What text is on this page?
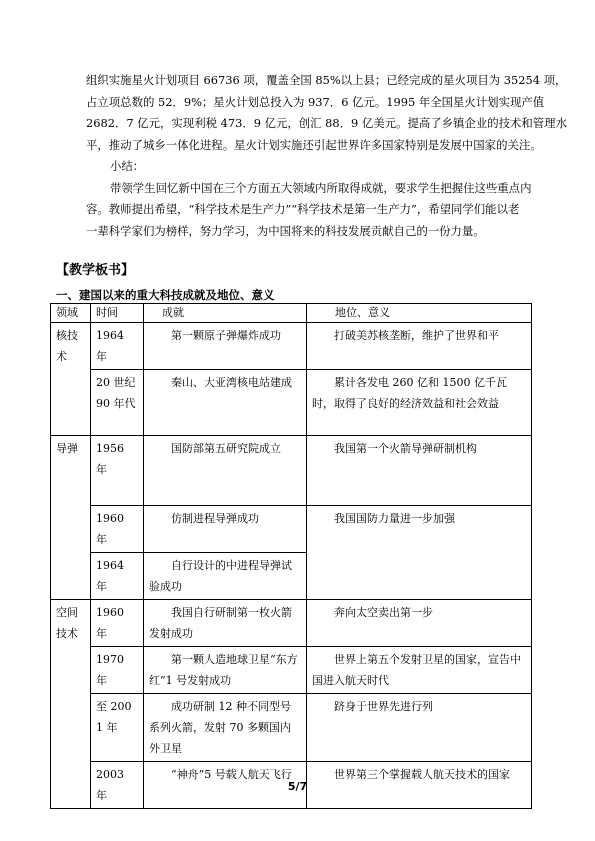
组织实施星火计划项目 66736 项，覆盖全国 85%以上县；已经完成的星火项目为 35254 项，
占立项总数的 52．9%；星火计划总投入为 937．6 亿元。1995 年全国星火计划实现产值
2682．7 亿元，实现利税 473．9 亿元，创汇 88．9 亿美元。提高了乡镇企业的技术和管理水
平，推动了城乡一体化进程。星火计划实施还引起世界许多国家特别是发展中国家的关注。
小结：
带领学生回忆新中国在三个方面五大领域内所取得成就，要求学生把握住这些重点内
容。教师提出希望，“科学技术是生产力”“科学技术是第一生产力”，希望同学们能以老
一辈科学家们为榜样，努力学习，为中国将来的科技发展贡献自己的一份力量。
【教学板书】
一、建国以来的重大科技成就及地位、意义
领域	时间	成就	地位、意义
核技术	1964 年	第一颗原子弹爆炸成功	打破美苏核垄断，维护了世界和平

	20 世纪 90 年代	秦山、大亚湾核电站建成	累计各发电 260 亿和 1500 亿千瓦时，取得了良好的经济效益和社会效益

导弹	1956 年	国防部第五研究院成立	我国第一个火箭导弹研制机构

	1960 年	仿制进程导弹成功	我国国防力量进一步加强

	1964 年	自行设计的中进程导弹试验成功	

空间技术	1960 年	我国自行研制第一枚火箭发射成功	奔向太空卖出第一步

	1970 年	第一颗人造地球卫星“东方红”1 号发射成功	世界上第五个发射卫星的国家，宣告中国进入航天时代

	至 2001 年	成功研制 12 种不同型号系列火箭，发射 70 多颗国内外卫星	跻身于世界先进行列

	2003 年	“神舟”5 号载人航天飞行	世界第三个掌握载人航天技术的国家
5/7
